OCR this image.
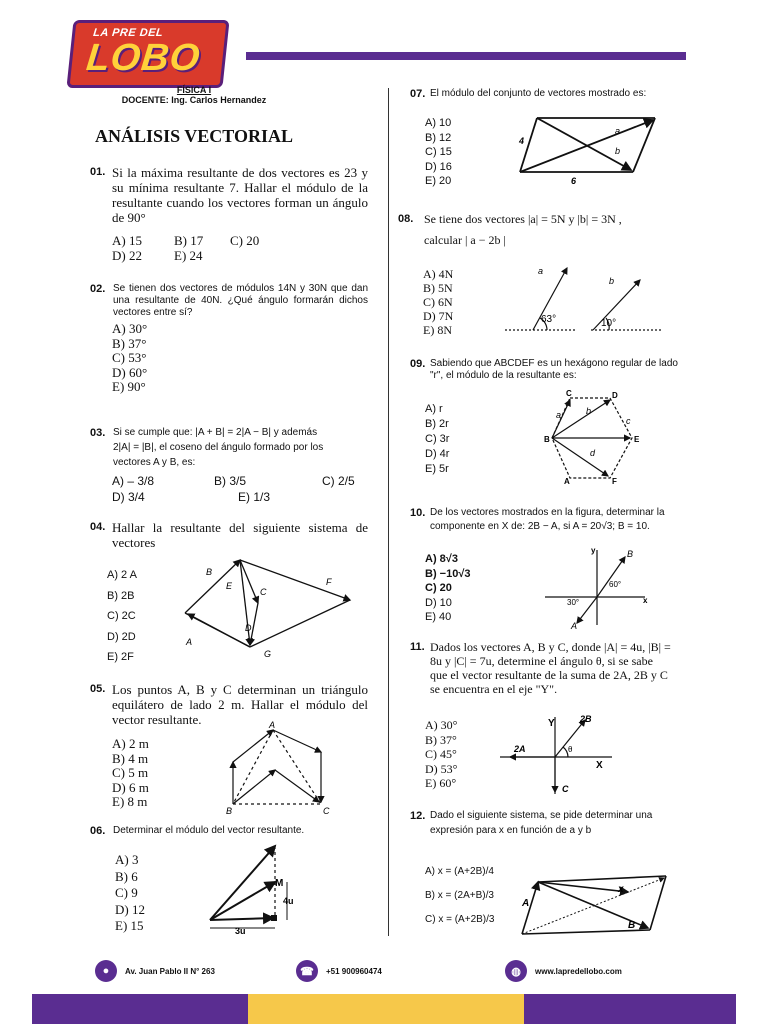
LA PRE DEL
LOBO
FÍSICA I
DOCENTE: Ing. Carlos Hernandez
ANÁLISIS VECTORIAL
01. Si la máxima resultante de dos vectores es 23 y su mínima resultante 7. Hallar el módulo de la resultante cuando los vectores forman un ángulo de 90°
A) 15 B) 17 C) 20
D) 22 E) 24
02. Se tienen dos vectores de módulos 14N y 30N que dan una resultante de 40N. ¿Qué ángulo formarán dichos vectores entre sí?
A) 30°
B) 37°
C) 53°
D) 60°
E) 90°
03. Si se cumple que: |A + B| = 2|A − B| y además
2|A| = |B|, el coseno del ángulo formado por los
vectores A y B, es:
A) – 3/8	B) 3/5	C) 2/5
D) 3/4	E) 1/3
04. Hallar la resultante del siguiente sistema de vectores
A) 2 A
B) 2B
C) 2C
D) 2D
E) 2F
B
E
C
F
A
D
G
05. Los puntos A, B y C determinan un triángulo equilátero de lado 2 m. Hallar el módulo del vector resultante.
A) 2 m
B) 4 m
C) 5 m
D) 6 m
E) 8 m
A
B	C
06. Determinar el módulo del vector resultante.
A) 3
B) 6
C) 9
D) 12
E) 15
M
4u
3u
07. El módulo del conjunto de vectores mostrado es:
A) 10
B) 12
C) 15
D) 16
E) 20
a
b
4
6
08. Se tiene dos vectores |a| = 5N y |b| = 3N ,
calcular | a − 2b |
A) 4N
B) 5N
C) 6N
D) 7N
E) 8N
a
b
63°	10°
09. Sabiendo que ABCDEF es un hexágono regular de lado "r", el módulo de la resultante es:
A) r
B) 2r
C) 3r
D) 4r
E) 5r
C	D
E
F
A
B
a	b
c
d
10. De los vectores mostrados en la figura, determinar la
componente en X de: 2B − A, si A = 20√3; B = 10.
A) 8√3
B) −10√3
C) 20
D) 10
E) 40
y
x
60°
30°
B
A
11. Dados los vectores A, B y C, donde |A| = 4u, |B| =
8u y |C| = 7u, determine el ángulo θ, si se sabe
que el vector resultante de la suma de 2A, 2B y C
se encuentra en el eje "Y".
A) 30°
B) 37°
C) 45°
D) 53°
E) 60°
Y
X
2B
2A	θ
C
12. Dado el siguiente sistema, se pide determinar una
expresión para x en función de a y b
A) x = (A+2B)/4
B) x = (2A+B)/3
C) x = (A+2B)/3
A
x
B
●	Av. Juan Pablo II N° 263	☎	+51 900960474	◍	www.lapredellobo.com
